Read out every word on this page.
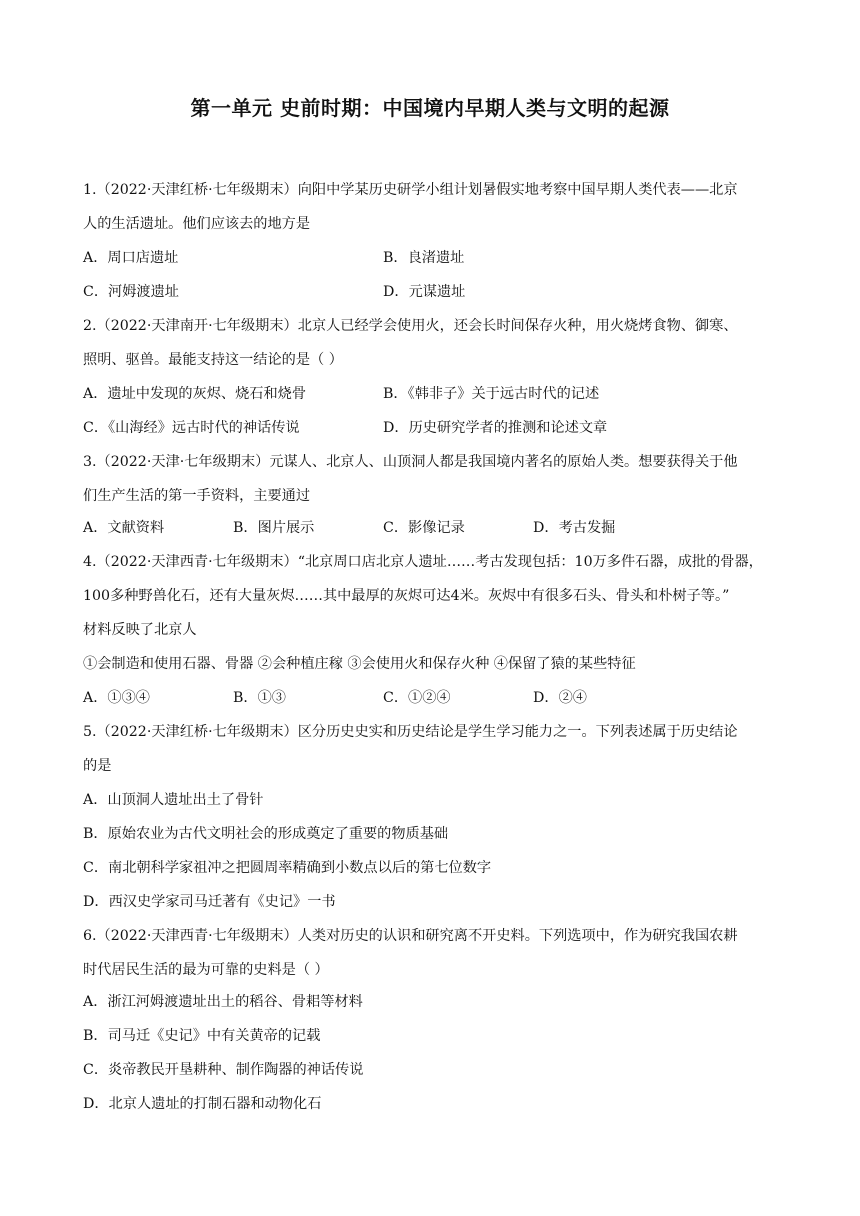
第一单元 史前时期：中国境内早期人类与文明的起源
1.（2022·天津红桥·七年级期末）向阳中学某历史研学小组计划暑假实地考察中国早期人类代表——北京
人的生活遗址。他们应该去的地方是
A．周口店遗址	B．良渚遗址
C．河姆渡遗址	D．元谋遗址
2.（2022·天津南开·七年级期末）北京人已经学会使用火，还会长时间保存火种，用火烧烤食物、御寒、
照明、驱兽。最能支持这一结论的是（ ）
A．遗址中发现的灰烬、烧石和烧骨	B．《韩非子》关于远古时代的记述
C．《山海经》远古时代的神话传说	D．历史研究学者的推测和论述文章
3.（2022·天津·七年级期末）元谋人、北京人、山顶洞人都是我国境内著名的原始人类。想要获得关于他
们生产生活的第一手资料，主要通过
A．文献资料	B．图片展示	C．影像记录	D．考古发掘
4.（2022·天津西青·七年级期末）“北京周口店北京人遗址……考古发现包括：10万多件石器，成批的骨器，
100多种野兽化石，还有大量灰烬……其中最厚的灰烬可达4米。灰烬中有很多石头、骨头和朴树子等。”
材料反映了北京人
①会制造和使用石器、骨器 ②会种植庄稼 ③会使用火和保存火种 ④保留了猿的某些特征
A．①③④	B．①③	C．①②④	D．②④
5.（2022·天津红桥·七年级期末）区分历史史实和历史结论是学生学习能力之一。下列表述属于历史结论
的是
A．山顶洞人遗址出土了骨针
B．原始农业为古代文明社会的形成奠定了重要的物质基础
C．南北朝科学家祖冲之把圆周率精确到小数点以后的第七位数字
D．西汉史学家司马迁著有《史记》一书
6.（2022·天津西青·七年级期末）人类对历史的认识和研究离不开史料。下列选项中，作为研究我国农耕
时代居民生活的最为可靠的史料是（ ）
A．浙江河姆渡遗址出土的稻谷、骨耜等材料
B．司马迁《史记》中有关黄帝的记载
C．炎帝教民开垦耕种、制作陶器的神话传说
D．北京人遗址的打制石器和动物化石
